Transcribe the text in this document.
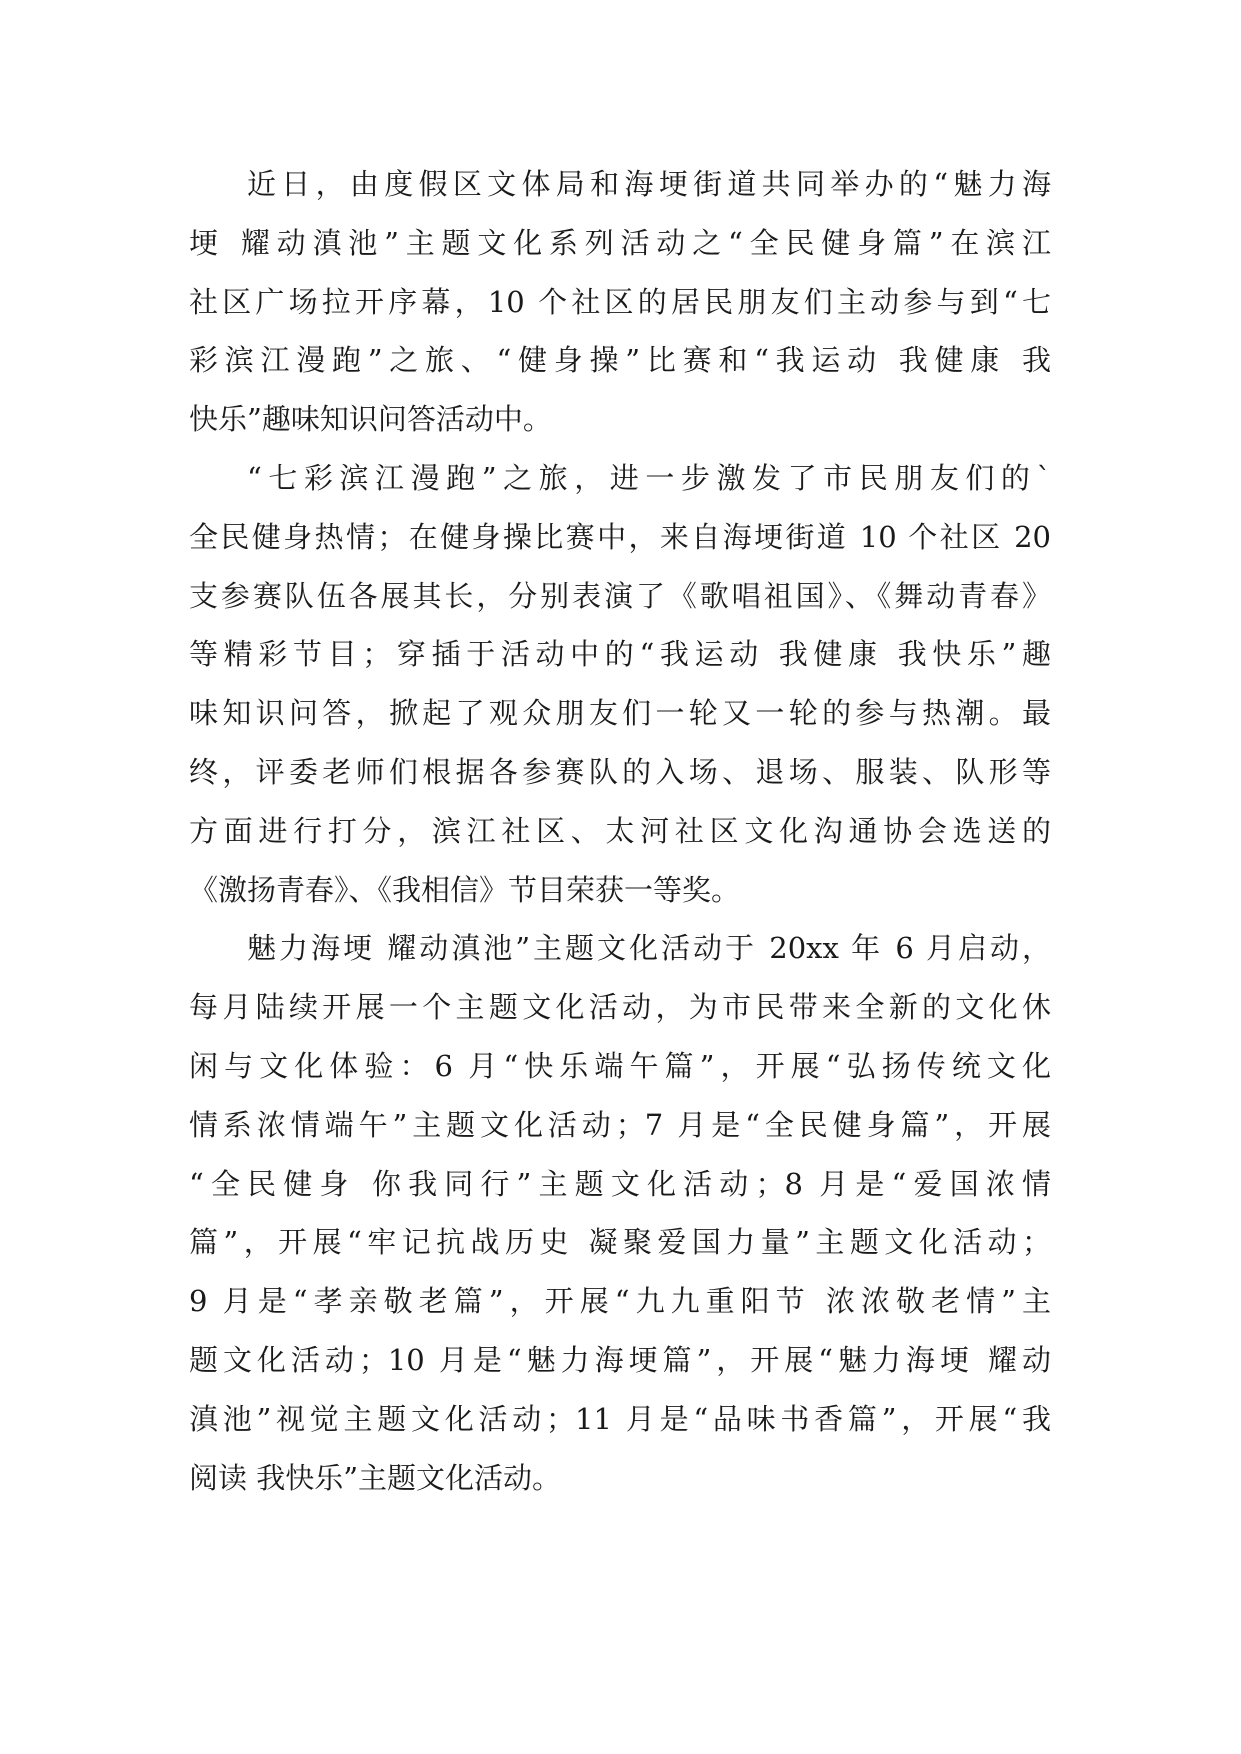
近日，由度假区文体局和海埂街道共同举办的“魅力海
埂 耀动滇池”主题文化系列活动之“全民健身篇”在滨江
社区广场拉开序幕，10 个社区的居民朋友们主动参与到“七
彩滨江漫跑”之旅、“健身操”比赛和“我运动 我健康 我
快乐”趣味知识问答活动中。
“七彩滨江漫跑”之旅，进一步激发了市民朋友们的`
全民健身热情；在健身操比赛中，来自海埂街道 10 个社区 20
支参赛队伍各展其长，分别表演了《歌唱祖国》、《舞动青春》
等精彩节目；穿插于活动中的“我运动 我健康 我快乐”趣
味知识问答，掀起了观众朋友们一轮又一轮的参与热潮。最
终，评委老师们根据各参赛队的入场、退场、服装、队形等
方面进行打分，滨江社区、太河社区文化沟通协会选送的
《激扬青春》、《我相信》节目荣获一等奖。
魅力海埂 耀动滇池”主题文化活动于 20xx 年 6 月启动，
每月陆续开展一个主题文化活动，为市民带来全新的文化休
闲与文化体验：6 月“快乐端午篇”，开展“弘扬传统文化
情系浓情端午”主题文化活动；7 月是“全民健身篇”，开展
“全民健身 你我同行”主题文化活动；8 月是“爱国浓情
篇”，开展“牢记抗战历史 凝聚爱国力量”主题文化活动；
9 月是“孝亲敬老篇”，开展“九九重阳节 浓浓敬老情”主
题文化活动；10 月是“魅力海埂篇”，开展“魅力海埂 耀动
滇池”视觉主题文化活动；11 月是“品味书香篇”，开展“我
阅读 我快乐”主题文化活动。
